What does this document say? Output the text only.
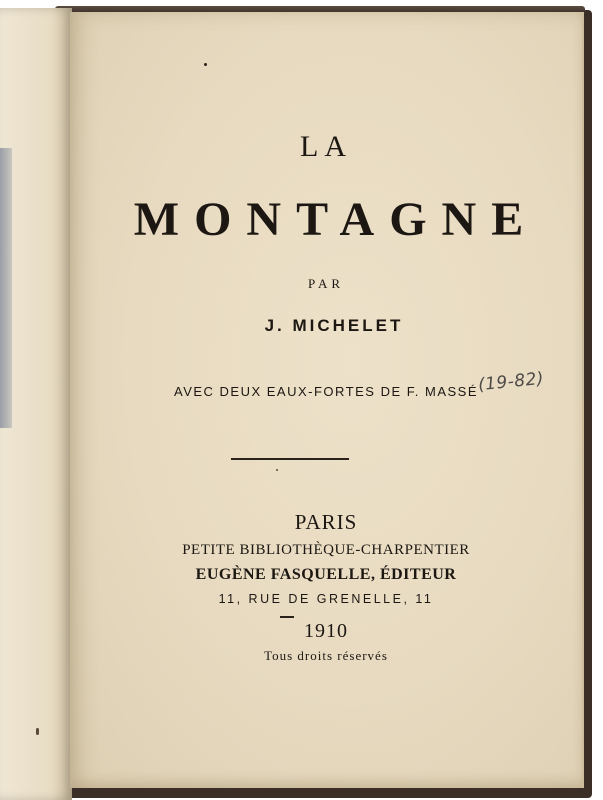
LA
MONTAGNE
PAR
J. MICHELET
AVEC DEUX EAUX-FORTES DE F. MASSÉ (19-82)
PARIS
PETITE BIBLIOTHÈQUE-CHARPENTIER
EUGÈNE FASQUELLE, ÉDITEUR
11, RUE DE GRENELLE, 11
1910
Tous droits réservés
